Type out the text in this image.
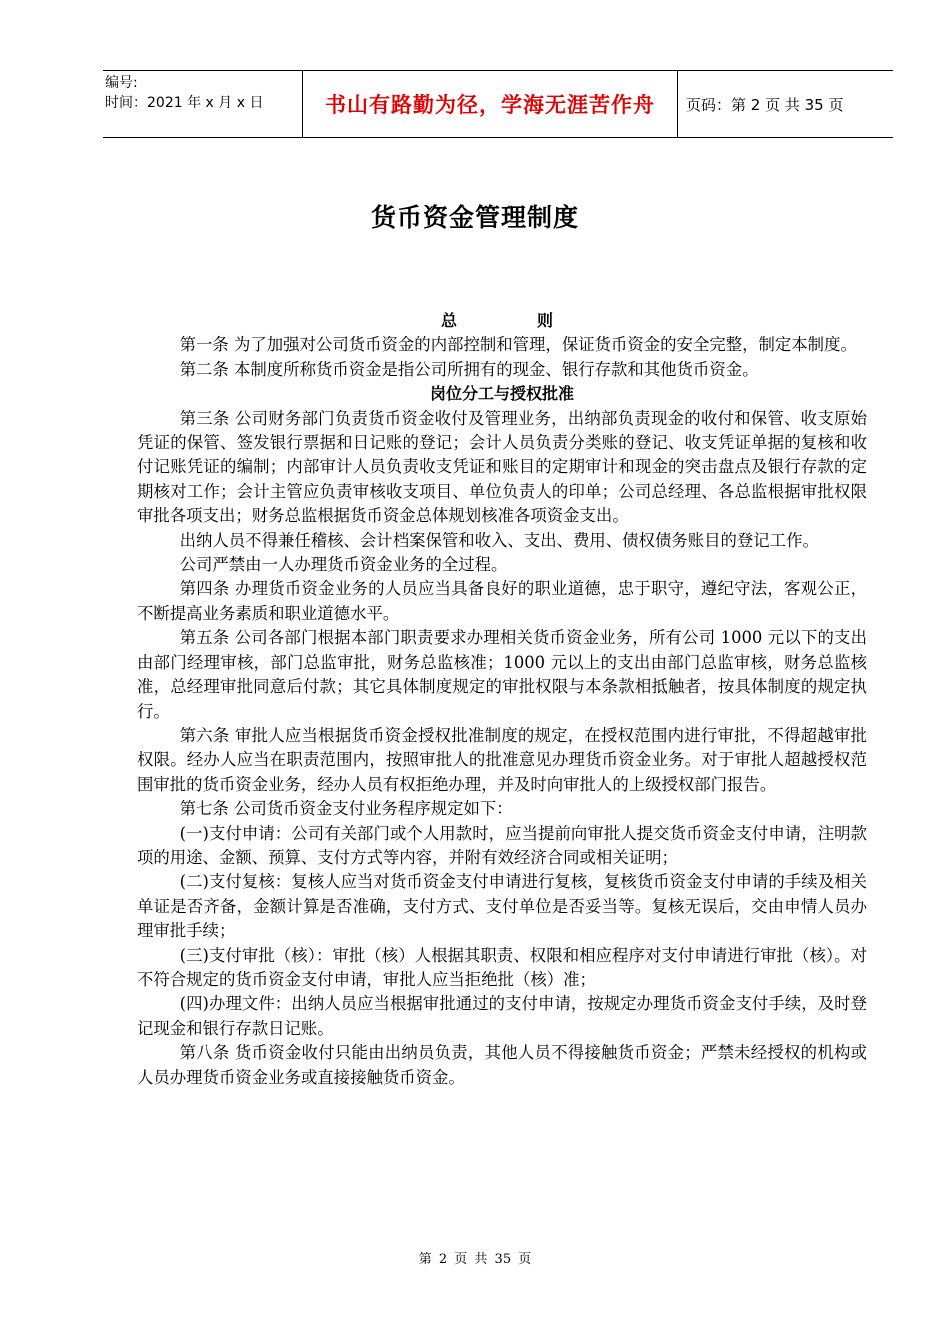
编号:
时间：2021 年 x 月 x 日	书山有路勤为径，学海无涯苦作舟	页码：第 2 页 共 35 页
货币资金管理制度
总则

第一条 为了加强对公司货币资金的内部控制和管理，保证货币资金的安全完整，制定本制度。

第二条 本制度所称货币资金是指公司所拥有的现金、银行存款和其他货币资金。

岗位分工与授权批准

第三条 公司财务部门负责货币资金收付及管理业务，出纳部负责现金的收付和保管、收支原始凭证的保管、签发银行票据和日记账的登记；会计人员负责分类账的登记、收支凭证单据的复核和收付记账凭证的编制；内部审计人员负责收支凭证和账目的定期审计和现金的突击盘点及银行存款的定期核对工作；会计主管应负责审核收支项目、单位负责人的印单；公司总经理、各总监根据审批权限审批各项支出；财务总监根据货币资金总体规划核准各项资金支出。

出纳人员不得兼任稽核、会计档案保管和收入、支出、费用、债权债务账目的登记工作。

公司严禁由一人办理货币资金业务的全过程。

第四条 办理货币资金业务的人员应当具备良好的职业道德，忠于职守，遵纪守法，客观公正，不断提高业务素质和职业道德水平。

第五条 公司各部门根据本部门职责要求办理相关货币资金业务，所有公司 1000 元以下的支出由部门经理审核，部门总监审批，财务总监核准；1000 元以上的支出由部门总监审核，财务总监核准，总经理审批同意后付款；其它具体制度规定的审批权限与本条款相抵触者，按具体制度的规定执行。

第六条 审批人应当根据货币资金授权批准制度的规定，在授权范围内进行审批，不得超越审批权限。经办人应当在职责范围内，按照审批人的批准意见办理货币资金业务。对于审批人超越授权范围审批的货币资金业务，经办人员有权拒绝办理，并及时向审批人的上级授权部门报告。

第七条 公司货币资金支付业务程序规定如下：

(一)支付申请：公司有关部门或个人用款时，应当提前向审批人提交货币资金支付申请，注明款项的用途、金额、预算、支付方式等内容，并附有效经济合同或相关证明；

(二)支付复核：复核人应当对货币资金支付申请进行复核，复核货币资金支付申请的手续及相关单证是否齐备，金额计算是否准确，支付方式、支付单位是否妥当等。复核无误后，交由申情人员办理审批手续；

(三)支付审批（核）：审批（核）人根据其职责、权限和相应程序对支付申请进行审批（核）。对不符合规定的货币资金支付申请，审批人应当拒绝批（核）准；

(四)办理文件：出纳人员应当根据审批通过的支付申请，按规定办理货币资金支付手续，及时登记现金和银行存款日记账。

第八条 货币资金收付只能由出纳员负责，其他人员不得接触货币资金；严禁未经授权的机构或人员办理货币资金业务或直接接触货币资金。

第 2 页 共 35 页
